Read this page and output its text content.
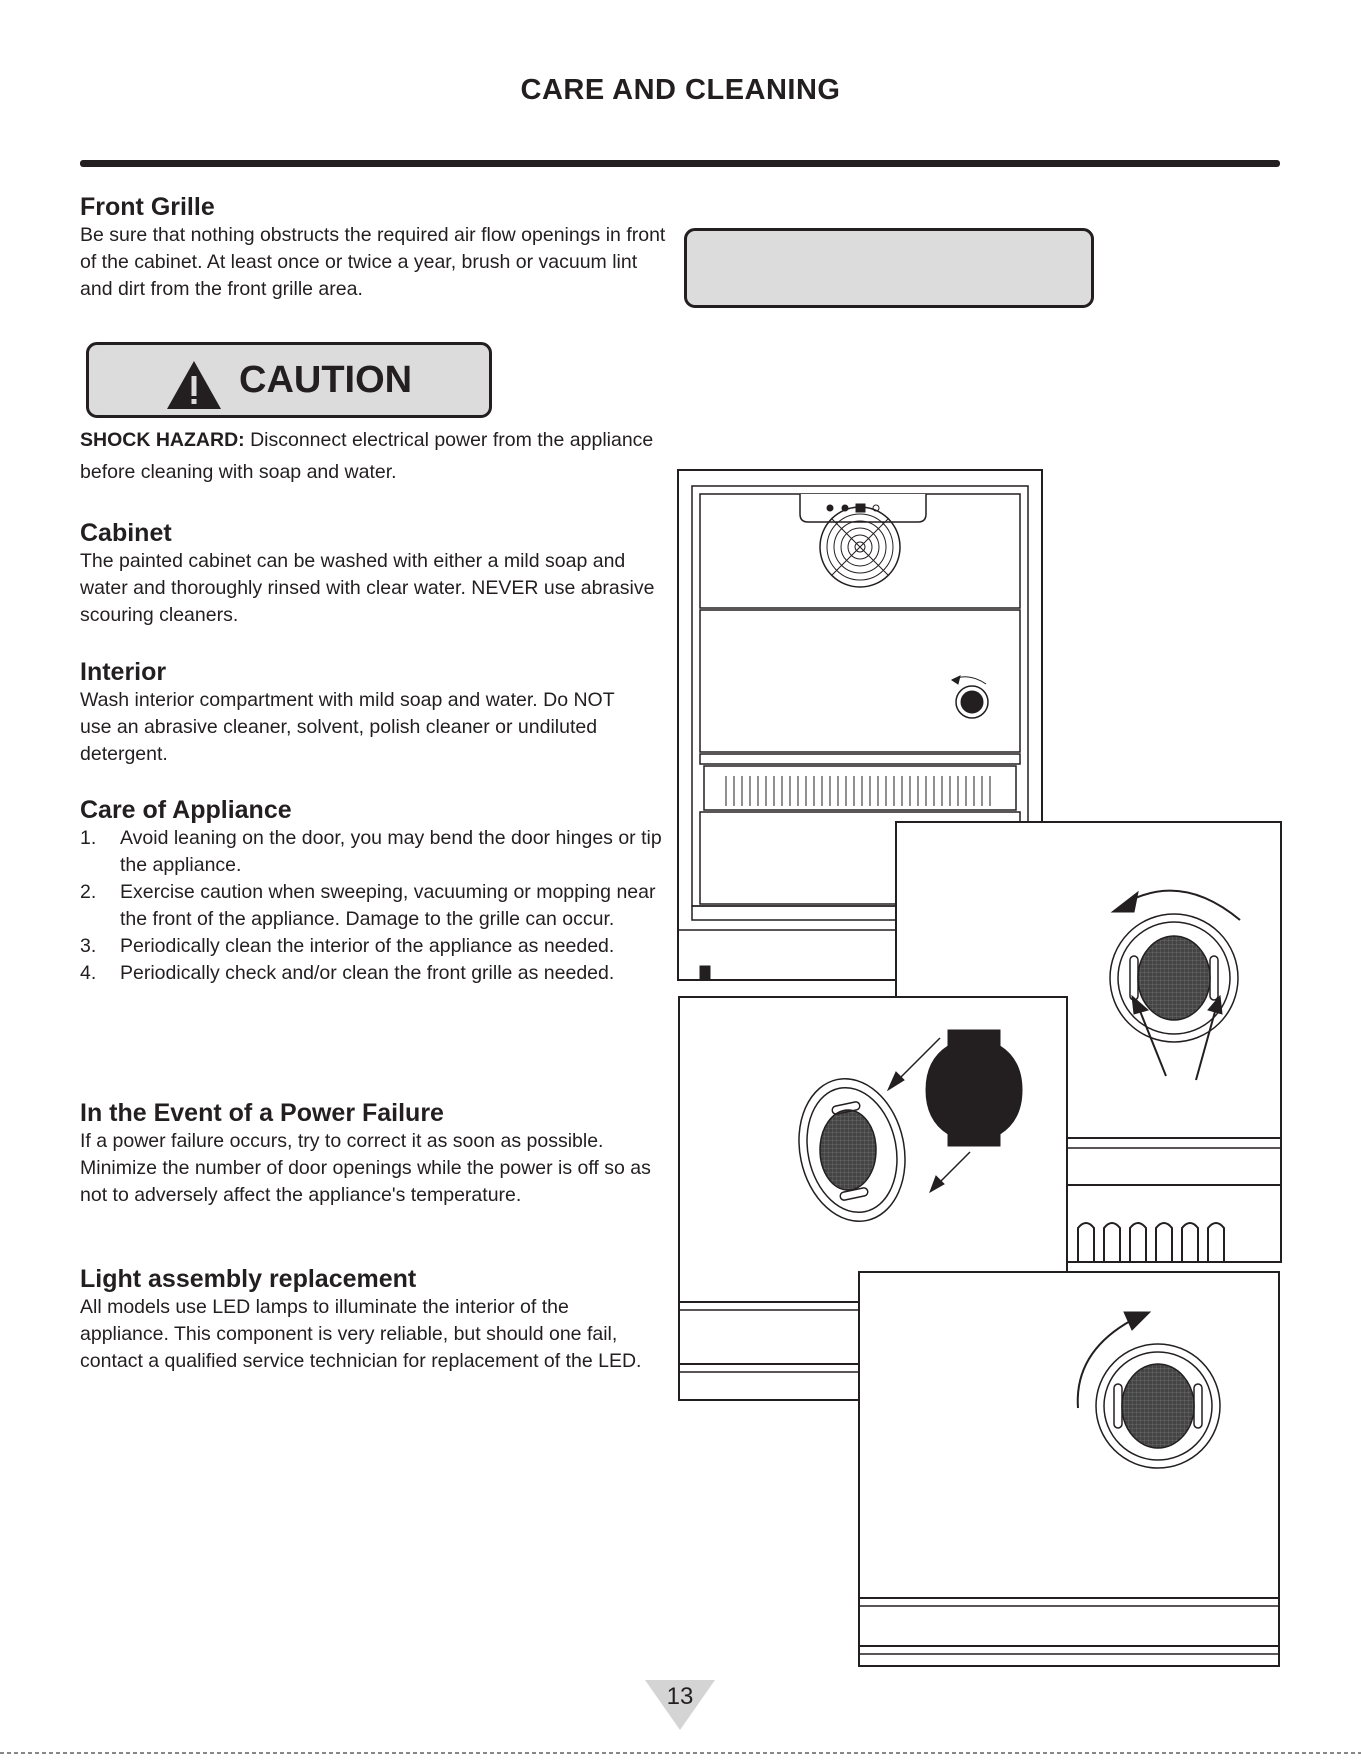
CARE AND CLEANING
Front Grille

Be sure that nothing obstructs the required air flow openings in front of the cabinet. At least once or twice a year, brush or vacuum lint and dirt from the front grille area.

CAUTION
SHOCK HAZARD: Disconnect electrical power from the appliance before cleaning with soap and water.
Cabinet

The painted cabinet can be washed with either a mild soap and water and thoroughly rinsed with clear water. NEVER use abrasive scouring cleaners.

Interior

Wash interior compartment with mild soap and water. Do NOT use an abrasive cleaner, solvent, polish cleaner or undiluted detergent.

Care of Appliance
1. Avoid leaning on the door, you may bend the door hinges or tip the appliance.
2. Exercise caution when sweeping, vacuuming or mopping near the front of the appliance. Damage to the grille can occur.
3. Periodically clean the interior of the appliance as needed.
4. Periodically check and/or clean the front grille as needed.
In the Event of a Power Failure

If a power failure occurs, try to correct it as soon as possible. Minimize the number of door openings while the power is off so as not to adversely affect the appliance's temperature.

Light assembly replacement

All models use LED lamps to illuminate the interior of the appliance. This component is very reliable, but should one fail, contact a qualified service technician for replacement of the LED.

13
